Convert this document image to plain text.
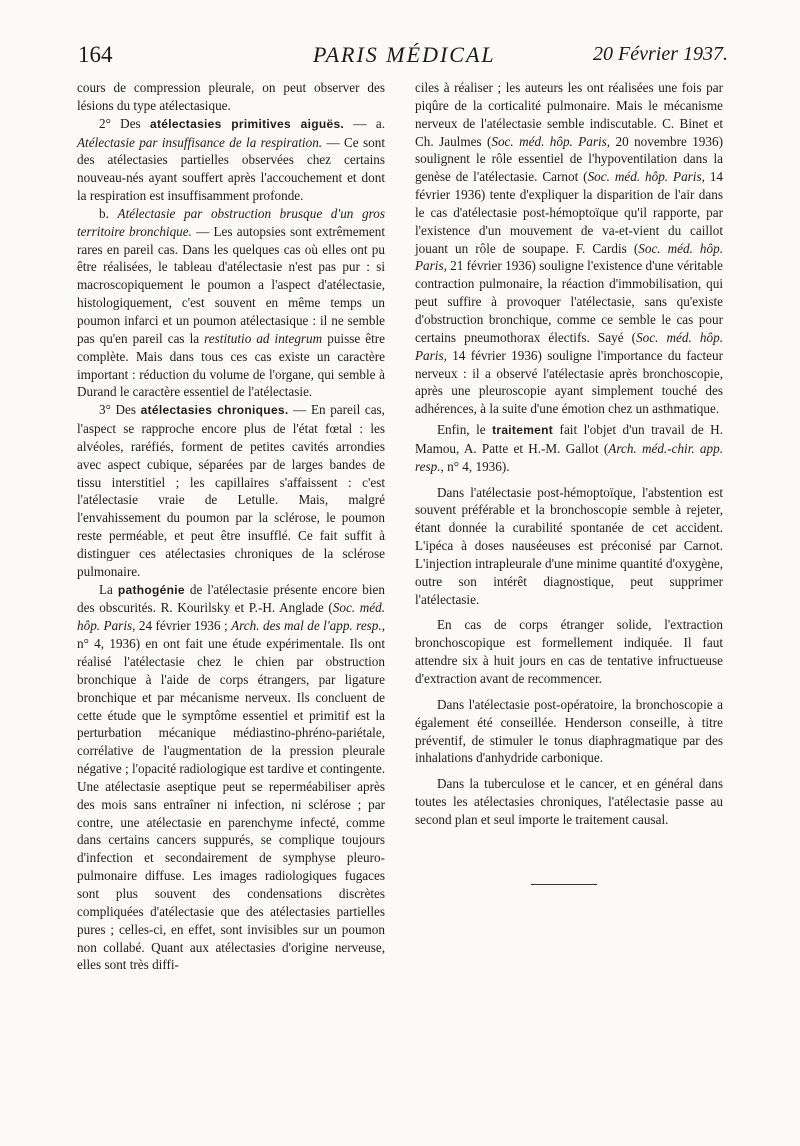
164	PARIS MÉDICAL	20 Février 1937.

cours de compression pleurale, on peut observer des lésions du type atélectasique.

2° Des atélectasies primitives aiguës. — a. Atélectasie par insuffisance de la respiration. — Ce sont des atélectasies partielles observées chez certains nouveau-nés ayant souffert après l'accouchement et dont la respiration est insuffisamment profonde.

b. Atélectasie par obstruction brusque d'un gros territoire bronchique. — Les autopsies sont extrêmement rares en pareil cas. Dans les quelques cas où elles ont pu être réalisées, le tableau d'atélectasie n'est pas pur : si macroscopiquement le poumon a l'aspect d'atélectasie, histologiquement, c'est souvent en même temps un poumon infarci et un poumon atélectasique : il ne semble pas qu'en pareil cas la restitutio ad integrum puisse être complète. Mais dans tous ces cas existe un caractère important : réduction du volume de l'organe, qui semble à Durand le caractère essentiel de l'atélectasie.

3° Des atélectasies chroniques. — En pareil cas, l'aspect se rapproche encore plus de l'état fœtal : les alvéoles, raréfiés, forment de petites cavités arrondies avec aspect cubique, séparées par de larges bandes de tissu interstitiel ; les capillaires s'affaissent : c'est l'atélectasie vraie de Letulle. Mais, malgré l'envahissement du poumon par la sclérose, le poumon reste perméable, et peut être insufflé. Ce fait suffit à distinguer ces atélectasies chroniques de la sclérose pulmonaire.

La pathogénie de l'atélectasie présente encore bien des obscurités. R. Kourilsky et P.-H. Anglade (Soc. méd. hôp. Paris, 24 février 1936 ; Arch. des mal de l'app. resp., n° 4, 1936) en ont fait une étude expérimentale. Ils ont réalisé l'atélectasie chez le chien par obstruction bronchique à l'aide de corps étrangers, par ligature bronchique et par mécanisme nerveux. Ils concluent de cette étude que le symptôme essentiel et primitif est la perturbation mécanique médiastino-phréno-pariétale, corrélative de l'augmentation de la pression pleurale négative ; l'opacité radiologique est tardive et contingente. Une atélectasie aseptique peut se reperméabiliser après des mois sans entraîner ni infection, ni sclérose ; par contre, une atélectasie en parenchyme infecté, comme dans certains cancers suppurés, se complique toujours d'infection et secondairement de symphyse pleuro-pulmonaire diffuse. Les images radiologiques fugaces sont plus souvent des condensations discrètes compliquées d'atélectasie que des atélectasies partielles pures ; celles-ci, en effet, sont invisibles sur un poumon non collabé. Quant aux atélectasies d'origine nerveuse, elles sont très diffi-

ciles à réaliser ; les auteurs les ont réalisées une fois par piqûre de la corticalité pulmonaire. Mais le mécanisme nerveux de l'atélectasie semble indiscutable. C. Binet et Ch. Jaulmes (Soc. méd. hôp. Paris, 20 novembre 1936) soulignent le rôle essentiel de l'hypoventilation dans la genèse de l'atélectasie. Carnot (Soc. méd. hôp. Paris, 14 février 1936) tente d'expliquer la disparition de l'air dans le cas d'atélectasie post-hémoptoïque qu'il rapporte, par l'existence d'un mouvement de va-et-vient du caillot jouant un rôle de soupape. F. Cardis (Soc. méd. hôp. Paris, 21 février 1936) souligne l'existence d'une véritable contraction pulmonaire, la réaction d'immobilisation, qui peut suffire à provoquer l'atélectasie, sans qu'existe d'obstruction bronchique, comme ce semble le cas pour certains pneumothorax électifs. Sayé (Soc. méd. hôp. Paris, 14 février 1936) souligne l'importance du facteur nerveux : il a observé l'atélectasie après bronchoscopie, après une pleuroscopie ayant simplement touché des adhérences, à la suite d'une émotion chez un asthmatique.

Enfin, le traitement fait l'objet d'un travail de H. Mamou, A. Patte et H.-M. Gallot (Arch. méd.-chir. app. resp., n° 4, 1936).

Dans l'atélectasie post-hémoptoïque, l'abstention est souvent préférable et la bronchoscopie semble à rejeter, étant donnée la curabilité spontanée de cet accident. L'ipéca à doses nauséeuses est préconisé par Carnot. L'injection intrapleurale d'une minime quantité d'oxygène, outre son intérêt diagnostique, peut supprimer l'atélectasie.

En cas de corps étranger solide, l'extraction bronchoscopique est formellement indiquée. Il faut attendre six à huit jours en cas de tentative infructueuse d'extraction avant de recommencer.

Dans l'atélectasie post-opératoire, la bronchoscopie a également été conseillée. Henderson conseille, à titre préventif, de stimuler le tonus diaphragmatique par des inhalations d'anhydride carbonique.

Dans la tuberculose et le cancer, et en général dans toutes les atélectasies chroniques, l'atélectasie passe au second plan et seul importe le traitement causal.
